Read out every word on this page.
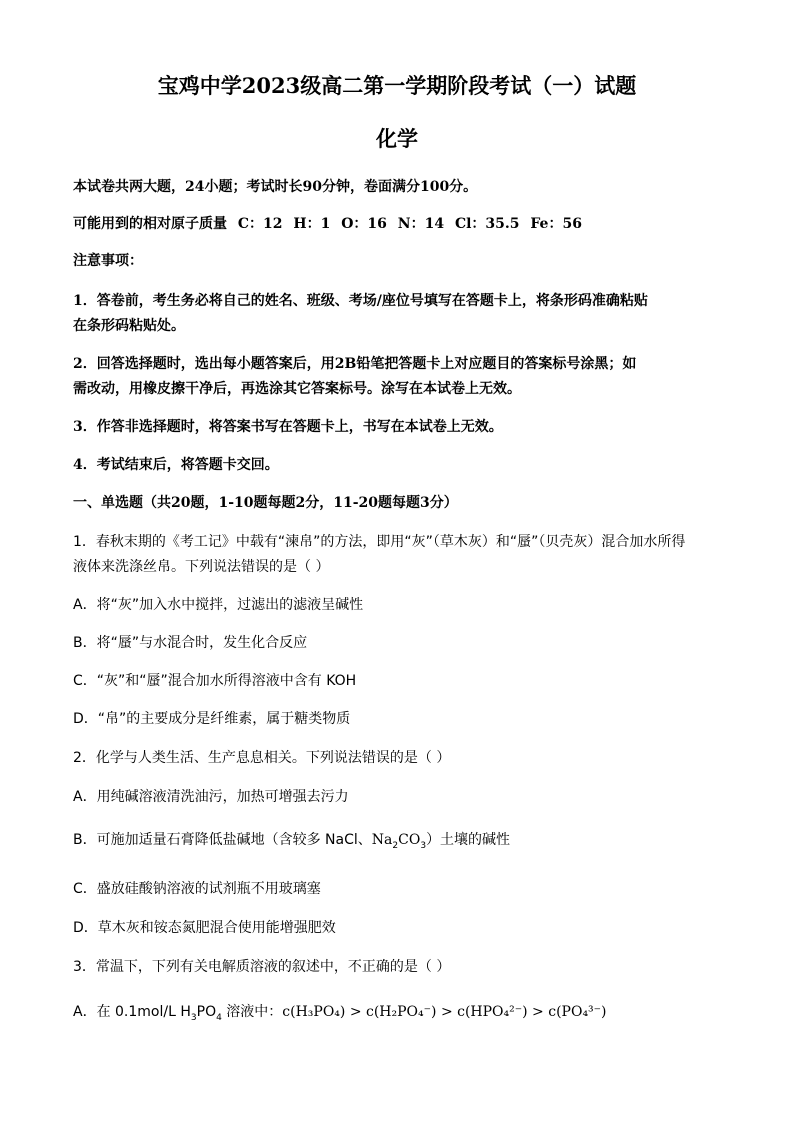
宝鸡中学2023级高二第一学期阶段考试（一）试题
化学
本试卷共两大题，24小题；考试时长90分钟，卷面满分100分。
可能用到的相对原子质量 C：12 H：1 O：16 N：14 Cl：35.5 Fe：56
注意事项：
1．答卷前，考生务必将自己的姓名、班级、考场/座位号填写在答题卡上，将条形码准确粘贴
在条形码粘贴处。
2．回答选择题时，选出每小题答案后，用2B铅笔把答题卡上对应题目的答案标号涂黑；如
需改动，用橡皮擦干净后，再选涂其它答案标号。涂写在本试卷上无效。
3．作答非选择题时，将答案书写在答题卡上，书写在本试卷上无效。
4．考试结束后，将答题卡交回。
一、单选题（共20题，1-10题每题2分，11-20题每题3分）
1．春秋末期的《考工记》中载有“湅帛”的方法，即用“灰”（草木灰）和“蜃”（贝壳灰）混合加水所得
液体来洗涤丝帛。下列说法错误的是（ ）
A．将“灰”加入水中搅拌，过滤出的滤液呈碱性
B．将“蜃”与水混合时，发生化合反应
C．“灰”和“蜃”混合加水所得溶液中含有 KOH
D．“帛”的主要成分是纤维素，属于糖类物质
2．化学与人类生活、生产息息相关。下列说法错误的是（ ）
A．用纯碱溶液清洗油污，加热可增强去污力
B．可施加适量石膏降低盐碱地（含较多 NaCl、$Na_2CO_3$）土壤的碱性
C．盛放硅酸钠溶液的试剂瓶不用玻璃塞
D．草木灰和铵态氮肥混合使用能增强肥效
3．常温下，下列有关电解质溶液的叙述中，不正确的是（ ）
A．在 0.1mol/L $H_3PO_4$ 溶液中：c(H₃PO₄) > c(H₂PO₄⁻) > c(HPO₄²⁻) > c(PO₄³⁻)
